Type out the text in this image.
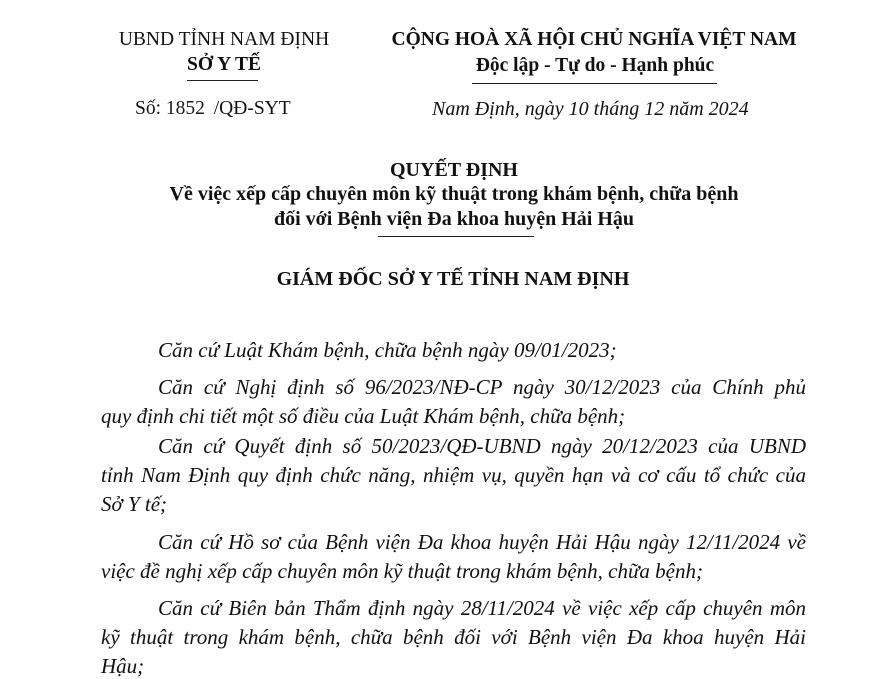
UBND TỈNH NAM ĐỊNH
SỞ Y TẾ
Số: 1852 /QĐ-SYT
CỘNG HOÀ XÃ HỘI CHỦ NGHĨA VIỆT NAM
Độc lập - Tự do - Hạnh phúc
Nam Định, ngày 10 tháng 12 năm 2024
QUYẾT ĐỊNH
Về việc xếp cấp chuyên môn kỹ thuật trong khám bệnh, chữa bệnh
đối với Bệnh viện Đa khoa huyện Hải Hậu
GIÁM ĐỐC SỞ Y TẾ TỈNH NAM ĐỊNH
Căn cứ Luật Khám bệnh, chữa bệnh ngày 09/01/2023;
Căn cứ Nghị định số 96/2023/NĐ-CP ngày 30/12/2023 của Chính phủ
quy định chi tiết một số điều của Luật Khám bệnh, chữa bệnh;
Căn cứ Quyết định số 50/2023/QĐ-UBND ngày 20/12/2023 của UBND
tỉnh Nam Định quy định chức năng, nhiệm vụ, quyền hạn và cơ cấu tổ chức của
Sở Y tế;
Căn cứ Hồ sơ của Bệnh viện Đa khoa huyện Hải Hậu ngày 12/11/2024 về
việc đề nghị xếp cấp chuyên môn kỹ thuật trong khám bệnh, chữa bệnh;
Căn cứ Biên bản Thẩm định ngày 28/11/2024 về việc xếp cấp chuyên môn
kỹ thuật trong khám bệnh, chữa bệnh đối với Bệnh viện Đa khoa huyện Hải
Hậu;
